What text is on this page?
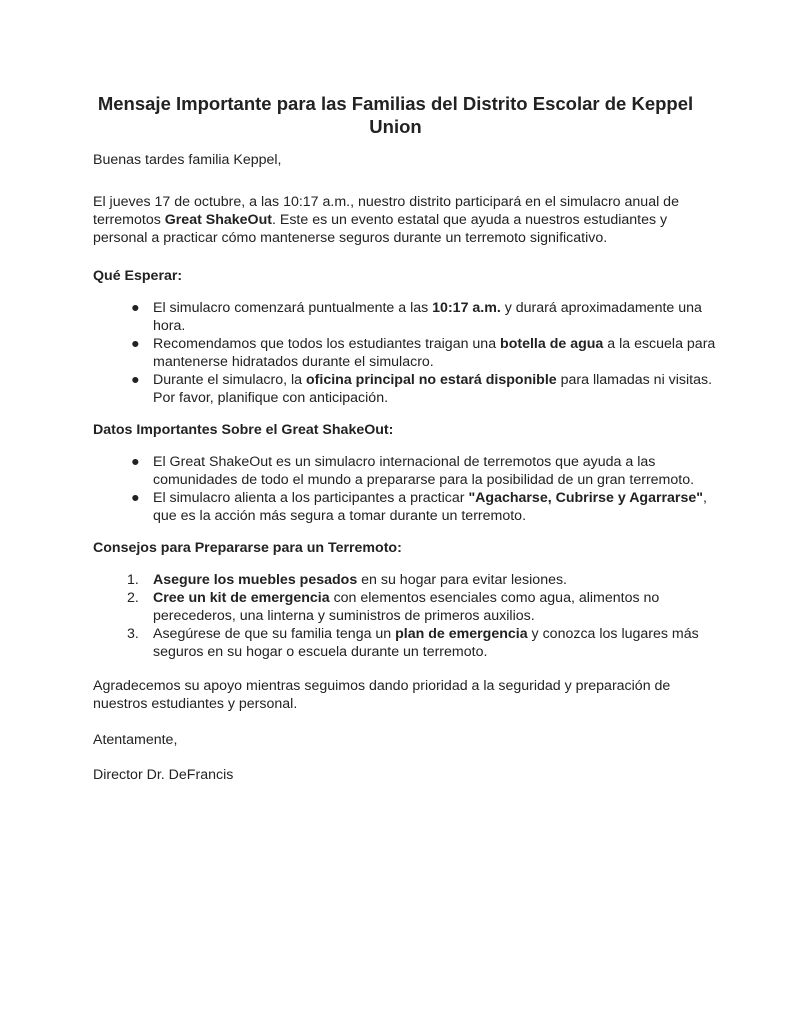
Mensaje Importante para las Familias del Distrito Escolar de Keppel
Union
Buenas tardes familia Keppel,
El jueves 17 de octubre, a las 10:17 a.m., nuestro distrito participará en el simulacro anual de
terremotos Great ShakeOut. Este es un evento estatal que ayuda a nuestros estudiantes y
personal a practicar cómo mantenerse seguros durante un terremoto significativo.
Qué Esperar:
● El simulacro comenzará puntualmente a las 10:17 a.m. y durará aproximadamente una
hora.
● Recomendamos que todos los estudiantes traigan una botella de agua a la escuela para
mantenerse hidratados durante el simulacro.
● Durante el simulacro, la oficina principal no estará disponible para llamadas ni visitas.
Por favor, planifique con anticipación.
Datos Importantes Sobre el Great ShakeOut:
● El Great ShakeOut es un simulacro internacional de terremotos que ayuda a las
comunidades de todo el mundo a prepararse para la posibilidad de un gran terremoto.
● El simulacro alienta a los participantes a practicar "Agacharse, Cubrirse y Agarrarse",
que es la acción más segura a tomar durante un terremoto.
Consejos para Prepararse para un Terremoto:
1. Asegure los muebles pesados en su hogar para evitar lesiones.
2. Cree un kit de emergencia con elementos esenciales como agua, alimentos no
perecederos, una linterna y suministros de primeros auxilios.
3. Asegúrese de que su familia tenga un plan de emergencia y conozca los lugares más
seguros en su hogar o escuela durante un terremoto.
Agradecemos su apoyo mientras seguimos dando prioridad a la seguridad y preparación de
nuestros estudiantes y personal.
Atentamente,
Director Dr. DeFrancis
